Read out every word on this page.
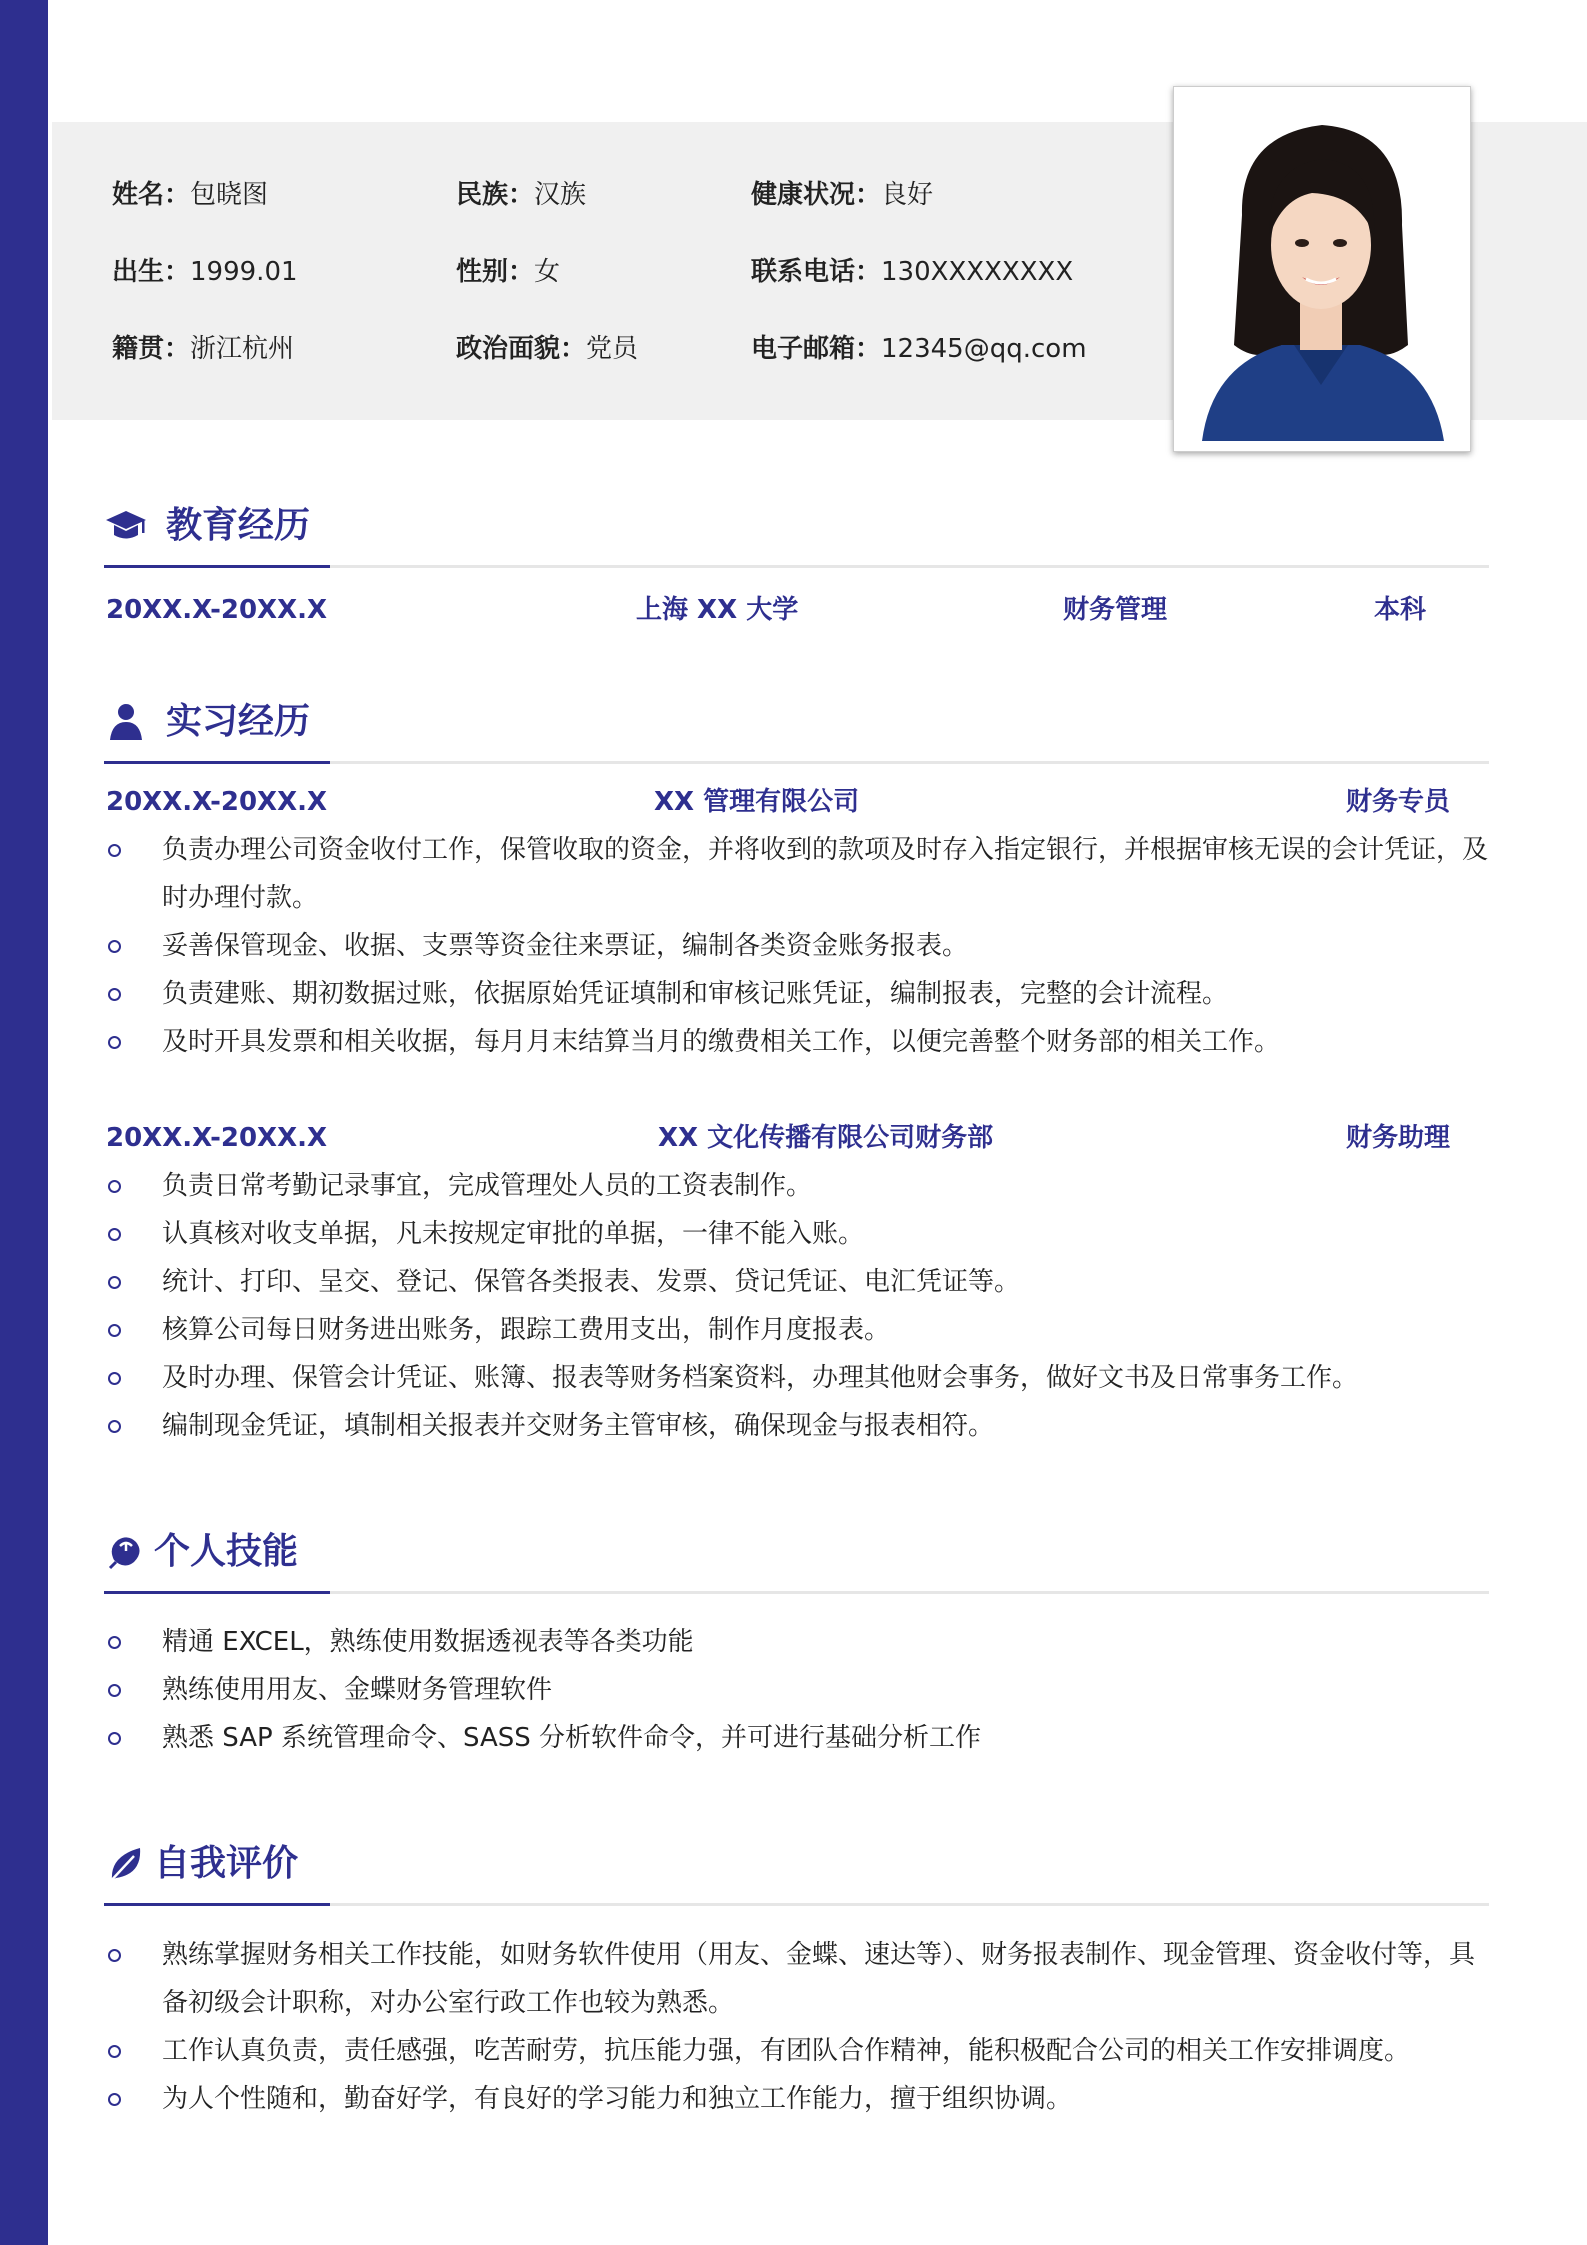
姓名：包晓图	民族：汉族	健康状况：良好
出生：1999.01	性别：女	联系电话：130XXXXXXXX
籍贯：浙江杭州	政治面貌：党员	电子邮箱：12345@qq.com
教育经历
20XX.X-20XX.X	上海 XX 大学	财务管理	本科
实习经历
20XX.X-20XX.X	XX 管理有限公司	财务专员
负责办理公司资金收付工作，保管收取的资金，并将收到的款项及时存入指定银行，并根据审核无误的会计凭证，及时办理付款。
妥善保管现金、收据、支票等资金往来票证，编制各类资金账务报表。
负责建账、期初数据过账，依据原始凭证填制和审核记账凭证，编制报表，完整的会计流程。
及时开具发票和相关收据，每月月末结算当月的缴费相关工作，以便完善整个财务部的相关工作。
20XX.X-20XX.X	XX 文化传播有限公司财务部	财务助理
负责日常考勤记录事宜，完成管理处人员的工资表制作。
认真核对收支单据，凡未按规定审批的单据，一律不能入账。
统计、打印、呈交、登记、保管各类报表、发票、贷记凭证、电汇凭证等。
核算公司每日财务进出账务，跟踪工费用支出，制作月度报表。
及时办理、保管会计凭证、账簿、报表等财务档案资料，办理其他财会事务，做好文书及日常事务工作。
编制现金凭证，填制相关报表并交财务主管审核，确保现金与报表相符。
个人技能
精通 EXCEL，熟练使用数据透视表等各类功能
熟练使用用友、金蝶财务管理软件
熟悉 SAP 系统管理命令、SASS 分析软件命令，并可进行基础分析工作
自我评价
熟练掌握财务相关工作技能，如财务软件使用（用友、金蝶、速达等）、财务报表制作、现金管理、资金收付等，具备初级会计职称，对办公室行政工作也较为熟悉。
工作认真负责，责任感强，吃苦耐劳，抗压能力强，有团队合作精神，能积极配合公司的相关工作安排调度。
为人个性随和，勤奋好学，有良好的学习能力和独立工作能力，擅于组织协调。
